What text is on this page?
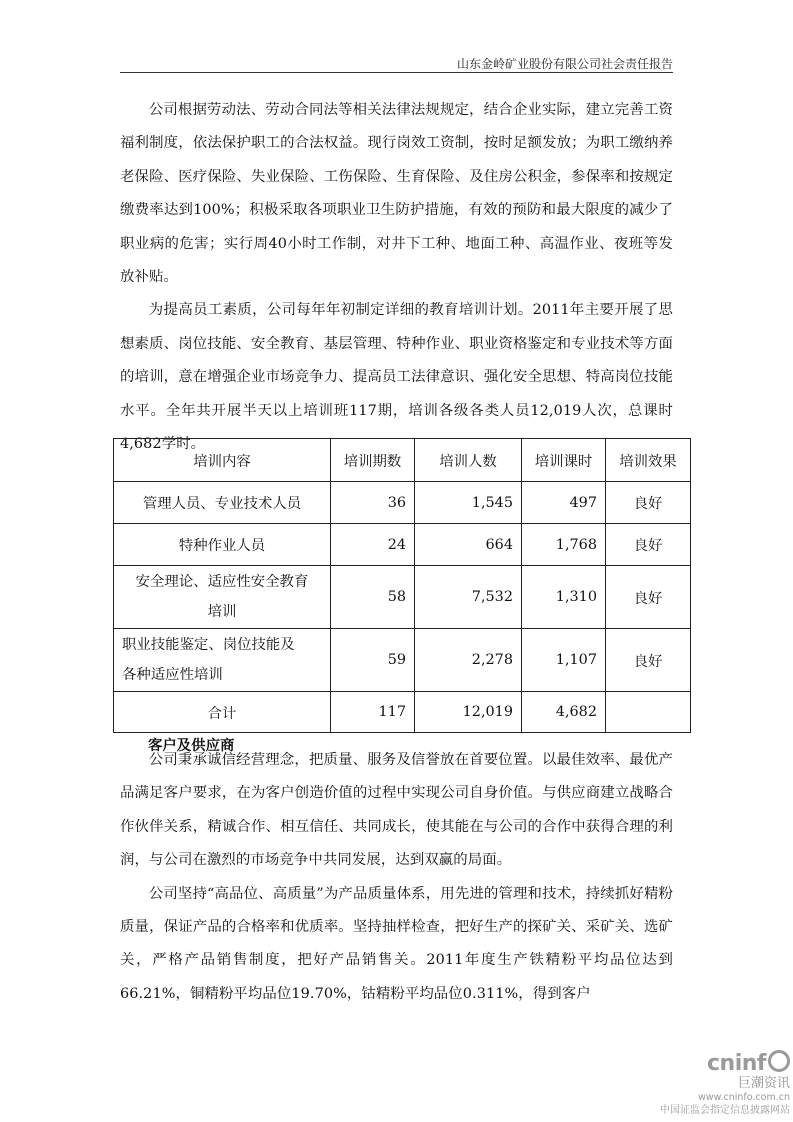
山东金岭矿业股份有限公司社会责任报告

公司根据劳动法、劳动合同法等相关法律法规规定，结合企业实际，建立完善工资福利制度，依法保护职工的合法权益。现行岗效工资制，按时足额发放；为职工缴纳养老保险、医疗保险、失业保险、工伤保险、生育保险、及住房公积金，参保率和按规定缴费率达到100%；积极采取各项职业卫生防护措施，有效的预防和最大限度的减少了职业病的危害；实行周40小时工作制，对井下工种、地面工种、高温作业、夜班等发放补贴。

为提高员工素质，公司每年年初制定详细的教育培训计划。2011年主要开展了思想素质、岗位技能、安全教育、基层管理、特种作业、职业资格鉴定和专业技术等方面的培训，意在增强企业市场竞争力、提高员工法律意识、强化安全思想、特高岗位技能水平。全年共开展半天以上培训班117期，培训各级各类人员12,019人次，总课时4,682学时。

培训内容	培训期数	培训人数	培训课时	培训效果
管理人员、专业技术人员	36	1,545	497	良好
特种作业人员	24	664	1,768	良好
安全理论、适应性安全教育
培训	58	7,532	1,310	良好
职业技能鉴定、岗位技能及
各种适应性培训	59	2,278	1,107	良好
合计	117	12,019	4,682	
客户及供应商

公司秉承诚信经营理念，把质量、服务及信誉放在首要位置。以最佳效率、最优产品满足客户要求，在为客户创造价值的过程中实现公司自身价值。与供应商建立战略合作伙伴关系，精诚合作、相互信任、共同成长，使其能在与公司的合作中获得合理的利润，与公司在激烈的市场竞争中共同发展，达到双赢的局面。

公司坚持“高品位、高质量”为产品质量体系，用先进的管理和技术，持续抓好精粉质量，保证产品的合格率和优质率。坚持抽样检查，把好生产的探矿关、采矿关、选矿关，严格产品销售制度，把好产品销售关。2011年度生产铁精粉平均品位达到66.21%，铜精粉平均品位19.70%，钴精粉平均品位0.311%，得到客户

cninf
巨潮资讯
www.cninfo.com.cn
中国证监会指定信息披露网站
